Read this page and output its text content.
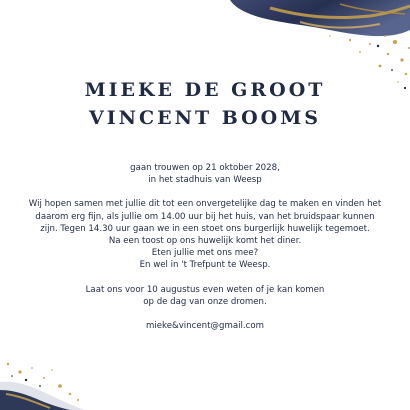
MIEKE DE GROOT
VINCENT BOOMS
gaan trouwen op 21 oktober 2028,
in het stadhuis van Weesp
Wij hopen samen met jullie dit tot een onvergetelijke dag te maken en vinden het
daarom erg fijn, als jullie om 14.00 uur bij het huis, van het bruidspaar kunnen
zijn. Tegen 14.30 uur gaan we in een stoet ons burgerlijk huwelijk tegemoet.
Na een toost op ons huwelijk komt het diner.
Eten jullie met ons mee?
En wel in 't Trefpunt te Weesp.
Laat ons voor 10 augustus even weten of je kan komen
op de dag van onze dromen.
mieke&vincent@gmail.com
